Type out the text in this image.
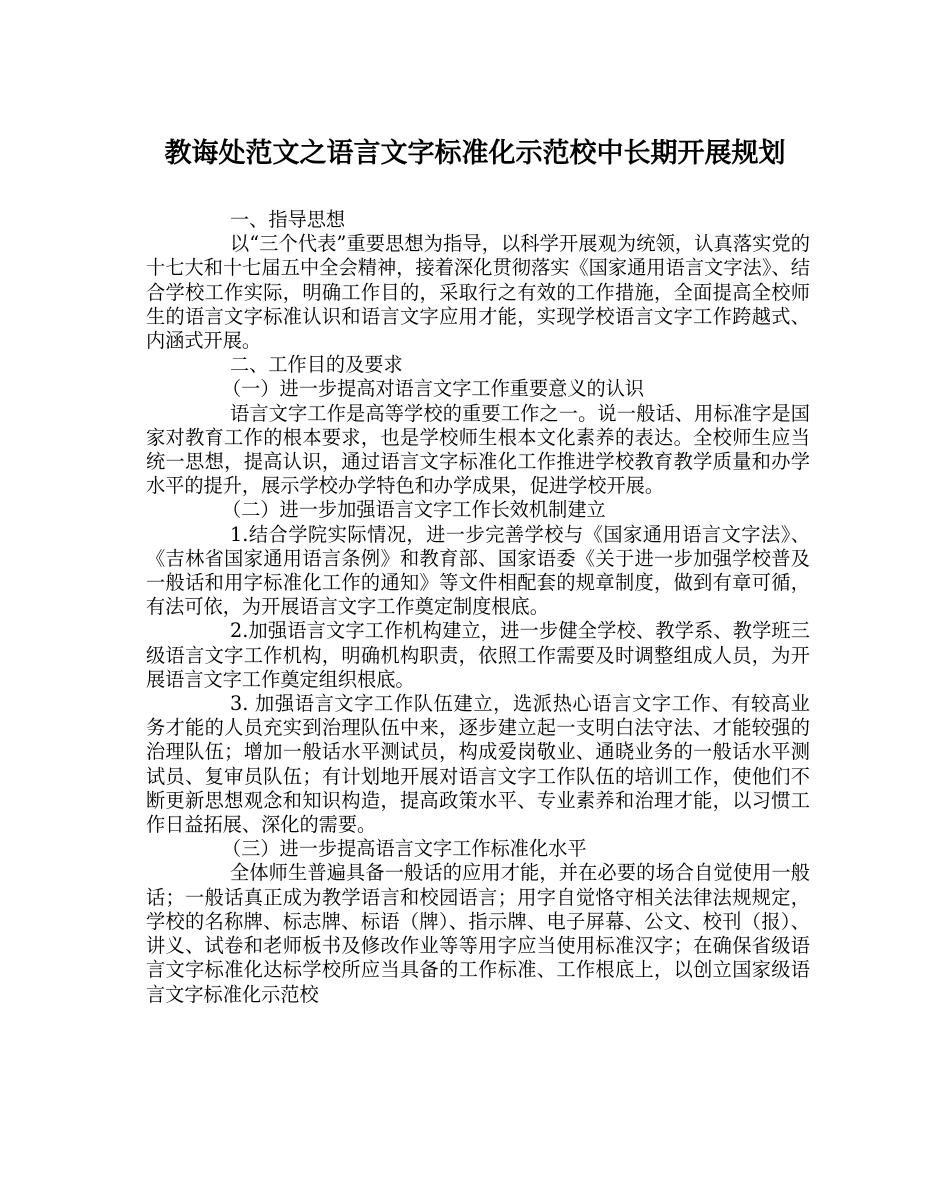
教诲处范文之语言文字标准化示范校中长期开展规划

一、指导思想

以“三个代表”重要思想为指导，以科学开展观为统领，认真落实党的十七大和十七届五中全会精神，接着深化贯彻落实《国家通用语言文字法》、结合学校工作实际，明确工作目的，采取行之有效的工作措施，全面提高全校师生的语言文字标准认识和语言文字应用才能，实现学校语言文字工作跨越式、内涵式开展。

二、工作目的及要求

（一）进一步提高对语言文字工作重要意义的认识

语言文字工作是高等学校的重要工作之一。说一般话、用标准字是国家对教育工作的根本要求，也是学校师生根本文化素养的表达。全校师生应当统一思想，提高认识，通过语言文字标准化工作推进学校教育教学质量和办学水平的提升，展示学校办学特色和办学成果，促进学校开展。

（二）进一步加强语言文字工作长效机制建立

1.结合学院实际情况，进一步完善学校与《国家通用语言文字法》、《吉林省国家通用语言条例》和教育部、国家语委《关于进一步加强学校普及一般话和用字标准化工作的通知》等文件相配套的规章制度，做到有章可循，有法可依，为开展语言文字工作奠定制度根底。

2.加强语言文字工作机构建立，进一步健全学校、教学系、教学班三级语言文字工作机构，明确机构职责，依照工作需要及时调整组成人员，为开展语言文字工作奠定组织根底。

3. 加强语言文字工作队伍建立，选派热心语言文字工作、有较高业务才能的人员充实到治理队伍中来，逐步建立起一支明白法守法、才能较强的治理队伍；增加一般话水平测试员，构成爱岗敬业、通晓业务的一般话水平测试员、复审员队伍；有计划地开展对语言文字工作队伍的培训工作，使他们不断更新思想观念和知识构造，提高政策水平、专业素养和治理才能，以习惯工作日益拓展、深化的需要。

（三）进一步提高语言文字工作标准化水平

全体师生普遍具备一般话的应用才能，并在必要的场合自觉使用一般话；一般话真正成为教学语言和校园语言；用字自觉恪守相关法律法规规定，学校的名称牌、标志牌、标语（牌）、指示牌、电子屏幕、公文、校刊（报）、讲义、试卷和老师板书及修改作业等等用字应当使用标准汉字；在确保省级语言文字标准化达标学校所应当具备的工作标准、工作根底上，以创立国家级语言文字标准化示范校
